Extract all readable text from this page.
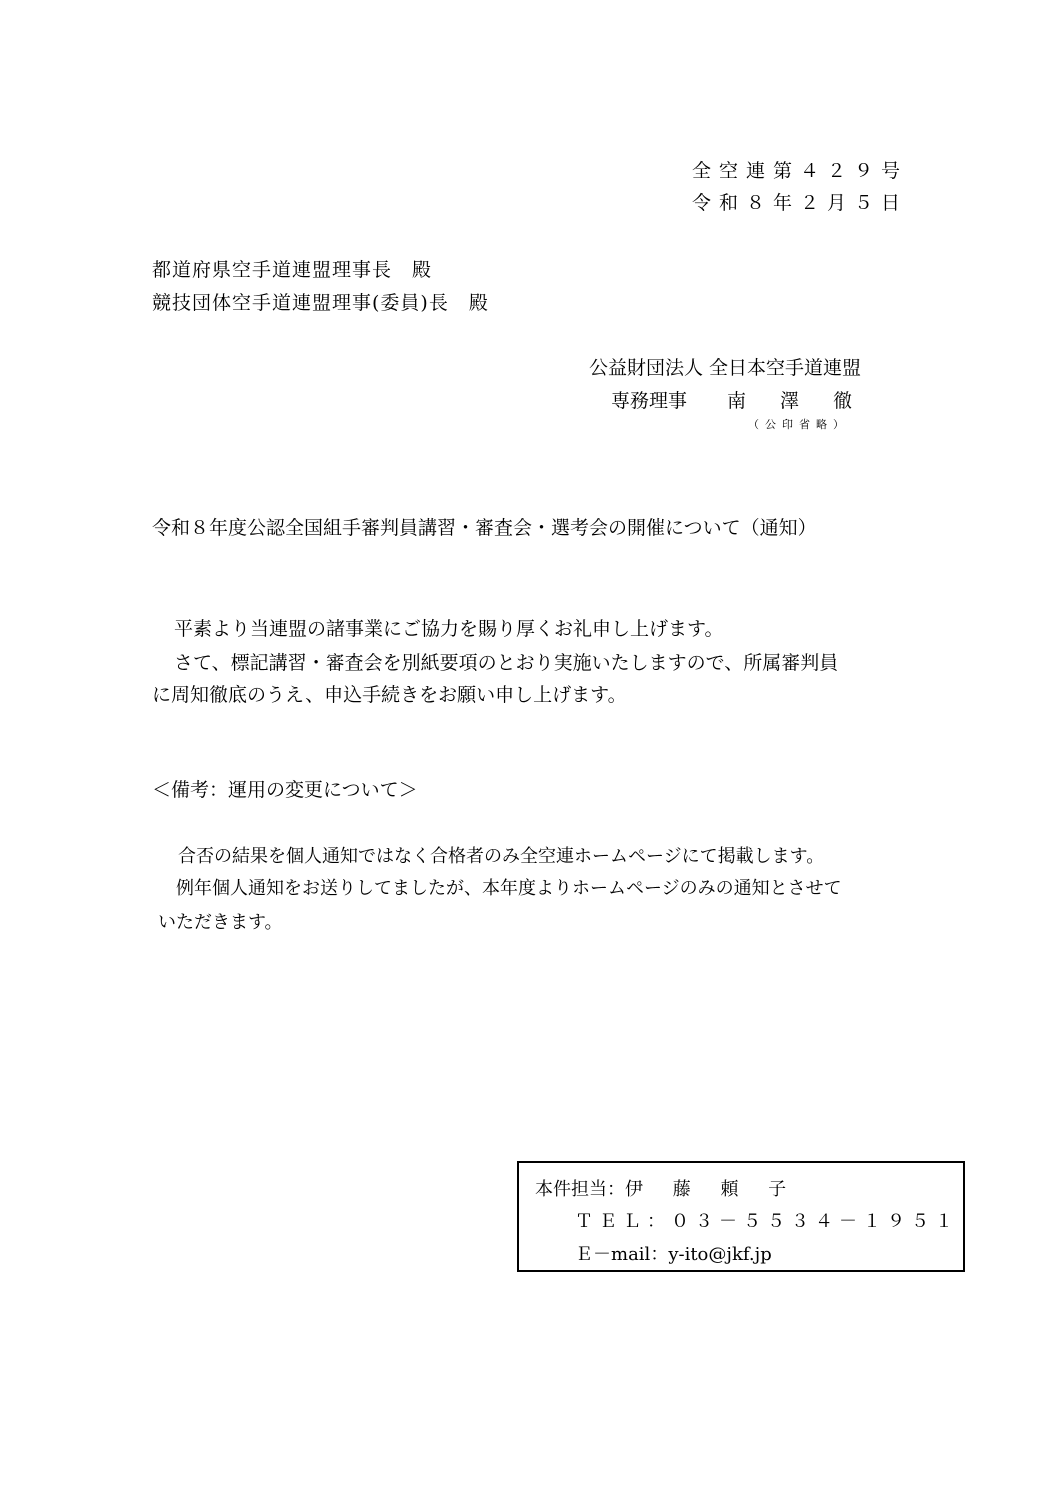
全空連第４２９号
令和８年２月５日
都道府県空手道連盟理事長　殿
競技団体空手道連盟理事(委員)長　殿
公益財団法人 全日本空手道連盟
専務理事 南 澤 徹
（公印省略）
令和８年度公認全国組手審判員講習・審査会・選考会の開催について（通知）
平素より当連盟の諸事業にご協力を賜り厚くお礼申し上げます。
さて、標記講習・審査会を別紙要項のとおり実施いたしますので、所属審判員
に周知徹底のうえ、申込手続きをお願い申し上げます。
＜備考：運用の変更について＞
合否の結果を個人通知ではなく合格者のみ全空連ホームページにて掲載します。
例年個人通知をお送りしてましたが、本年度よりホームページのみの通知とさせて
いただきます。
本件担当：伊 藤 頼 子
ＴＥＬ：０３－５５３４－１９５１
Ｅ－mail：y-ito@jkf.jp
